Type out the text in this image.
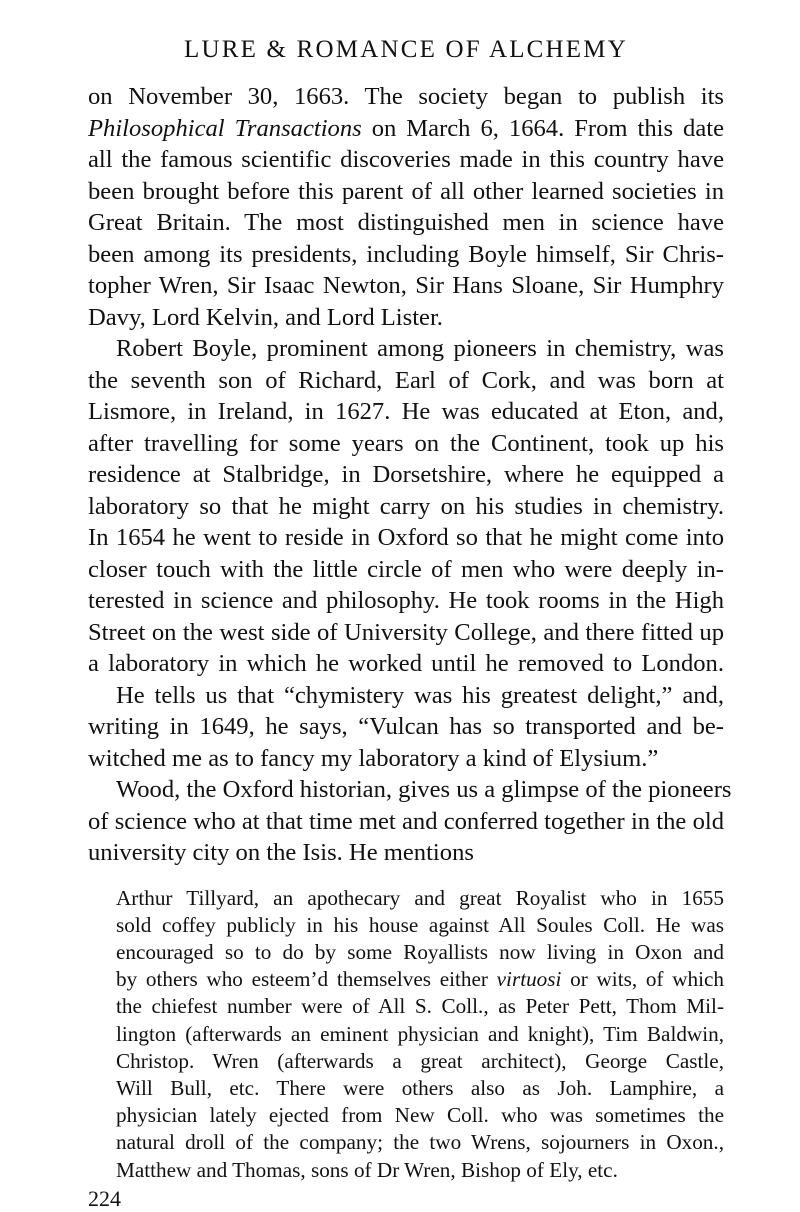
LURE & ROMANCE OF ALCHEMY
on November 30, 1663. The society began to publish its
Philosophical Transactions on March 6, 1664. From this date
all the famous scientific discoveries made in this country have
been brought before this parent of all other learned societies in
Great Britain. The most distinguished men in science have
been among its presidents, including Boyle himself, Sir Chris-
topher Wren, Sir Isaac Newton, Sir Hans Sloane, Sir Humphry
Davy, Lord Kelvin, and Lord Lister.
Robert Boyle, prominent among pioneers in chemistry, was
the seventh son of Richard, Earl of Cork, and was born at
Lismore, in Ireland, in 1627. He was educated at Eton, and,
after travelling for some years on the Continent, took up his
residence at Stalbridge, in Dorsetshire, where he equipped a
laboratory so that he might carry on his studies in chemistry.
In 1654 he went to reside in Oxford so that he might come into
closer touch with the little circle of men who were deeply in-
terested in science and philosophy. He took rooms in the High
Street on the west side of University College, and there fitted up
a laboratory in which he worked until he removed to London.
He tells us that “chymistery was his greatest delight,” and,
writing in 1649, he says, “Vulcan has so transported and be-
witched me as to fancy my laboratory a kind of Elysium.”
Wood, the Oxford historian, gives us a glimpse of the pioneers
of science who at that time met and conferred together in the old
university city on the Isis. He mentions
Arthur Tillyard, an apothecary and great Royalist who in 1655
sold coffey publicly in his house against All Soules Coll. He was
encouraged so to do by some Royallists now living in Oxon and
by others who esteem’d themselves either virtuosi or wits, of which
the chiefest number were of All S. Coll., as Peter Pett, Thom Mil-
lington (afterwards an eminent physician and knight), Tim Baldwin,
Christop. Wren (afterwards a great architect), George Castle,
Will Bull, etc. There were others also as Joh. Lamphire, a
physician lately ejected from New Coll. who was sometimes the
natural droll of the company; the two Wrens, sojourners in Oxon.,
Matthew and Thomas, sons of Dr Wren, Bishop of Ely, etc.
224
